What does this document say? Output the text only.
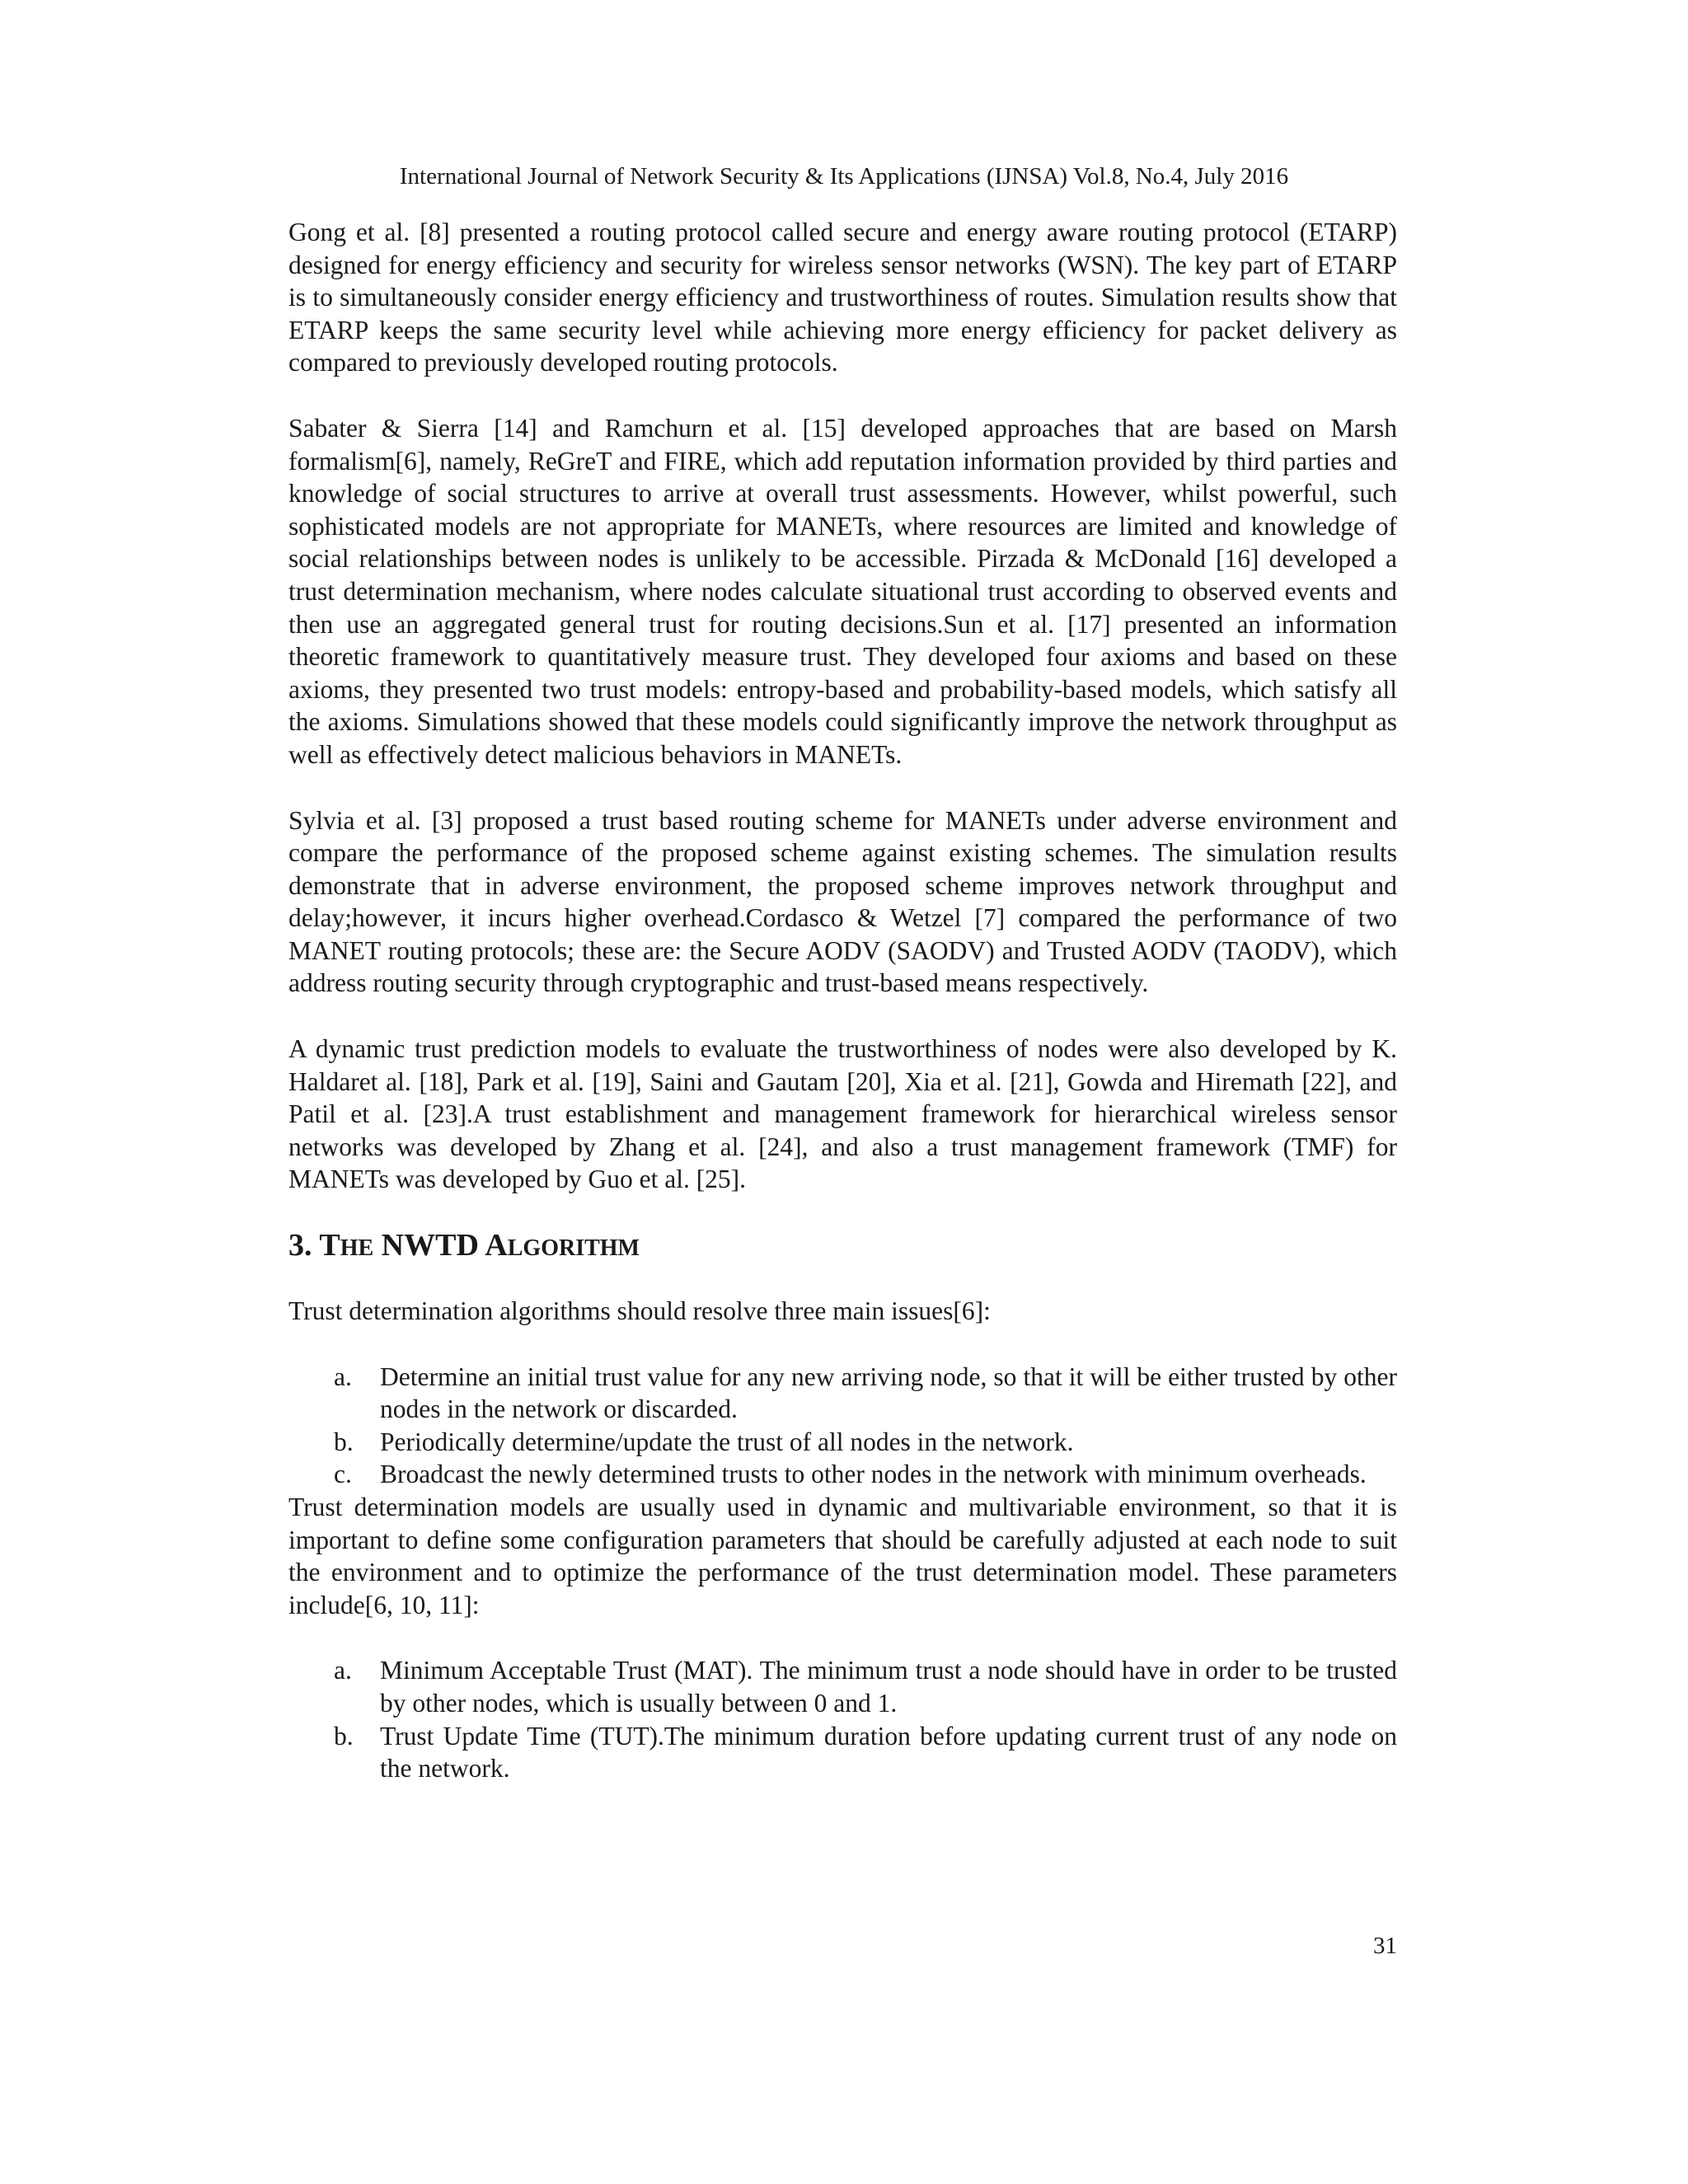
International Journal of Network Security & Its Applications (IJNSA) Vol.8, No.4, July 2016

Gong et al. [8] presented a routing protocol called secure and energy aware routing protocol (ETARP) designed for energy efficiency and security for wireless sensor networks (WSN). The key part of ETARP is to simultaneously consider energy efficiency and trustworthiness of routes. Simulation results show that ETARP keeps the same security level while achieving more energy efficiency for packet delivery as compared to previously developed routing protocols.

Sabater & Sierra [14] and Ramchurn et al. [15] developed approaches that are based on Marsh formalism[6], namely, ReGreT and FIRE, which add reputation information provided by third parties and knowledge of social structures to arrive at overall trust assessments. However, whilst powerful, such sophisticated models are not appropriate for MANETs, where resources are limited and knowledge of social relationships between nodes is unlikely to be accessible. Pirzada & McDonald [16] developed a trust determination mechanism, where nodes calculate situational trust according to observed events and then use an aggregated general trust for routing decisions.Sun et al. [17] presented an information theoretic framework to quantitatively measure trust. They developed four axioms and based on these axioms, they presented two trust models: entropy-based and probability-based models, which satisfy all the axioms. Simulations showed that these models could significantly improve the network throughput as well as effectively detect malicious behaviors in MANETs.

Sylvia et al. [3] proposed a trust based routing scheme for MANETs under adverse environment and compare the performance of the proposed scheme against existing schemes. The simulation results demonstrate that in adverse environment, the proposed scheme improves network throughput and delay;however, it incurs higher overhead.Cordasco & Wetzel [7] compared the performance of two MANET routing protocols; these are: the Secure AODV (SAODV) and Trusted AODV (TAODV), which address routing security through cryptographic and trust-based means respectively.

A dynamic trust prediction models to evaluate the trustworthiness of nodes were also developed by K. Haldaret al. [18], Park et al. [19], Saini and Gautam [20], Xia et al. [21], Gowda and Hiremath [22], and Patil et al. [23].A trust establishment and management framework for hierarchical wireless sensor networks was developed by Zhang et al. [24], and also a trust management framework (TMF) for MANETs was developed by Guo et al. [25].

3. THE NWTD ALGORITHM

Trust determination algorithms should resolve three main issues[6]:

a. Determine an initial trust value for any new arriving node, so that it will be either trusted by other nodes in the network or discarded.
b. Periodically determine/update the trust of all nodes in the network.
c. Broadcast the newly determined trusts to other nodes in the network with minimum overheads.

Trust determination models are usually used in dynamic and multivariable environment, so that it is important to define some configuration parameters that should be carefully adjusted at each node to suit the environment and to optimize the performance of the trust determination model. These parameters include[6, 10, 11]:

a. Minimum Acceptable Trust (MAT). The minimum trust a node should have in order to be trusted by other nodes, which is usually between 0 and 1.
b. Trust Update Time (TUT).The minimum duration before updating current trust of any node on the network.
31
